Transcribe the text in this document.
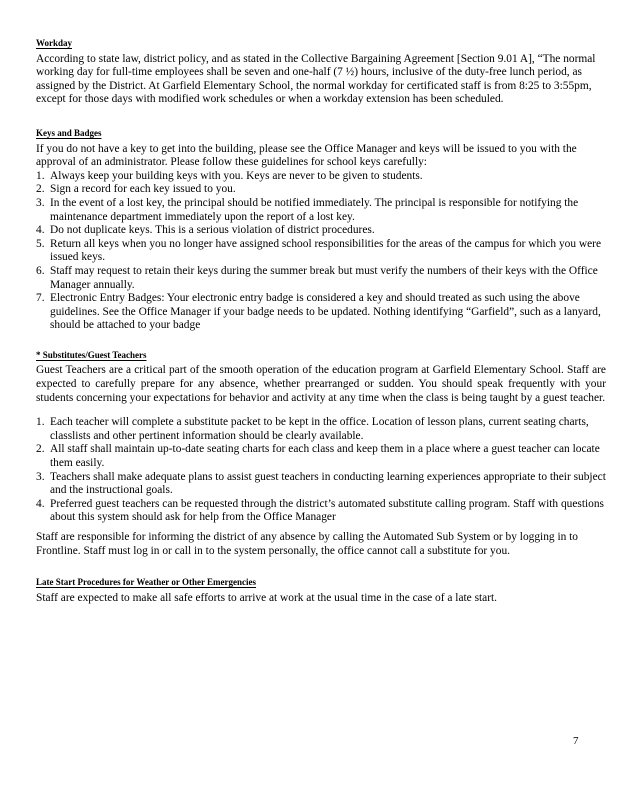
Workday

According to state law, district policy, and as stated in the Collective Bargaining Agreement [Section 9.01 A], “The normal working day for full-time employees shall be seven and one-half (7 ½) hours, inclusive of the duty-free lunch period, as assigned by the District. At Garfield Elementary School, the normal workday for certificated staff is from 8:25 to 3:55pm, except for those days with modified work schedules or when a workday extension has been scheduled.

Keys and Badges

If you do not have a key to get into the building, please see the Office Manager and keys will be issued to you with the approval of an administrator. Please follow these guidelines for school keys carefully:

1. Always keep your building keys with you. Keys are never to be given to students.
2. Sign a record for each key issued to you.
3. In the event of a lost key, the principal should be notified immediately. The principal is responsible for notifying the maintenance department immediately upon the report of a lost key.
4. Do not duplicate keys. This is a serious violation of district procedures.
5. Return all keys when you no longer have assigned school responsibilities for the areas of the campus for which you were issued keys.
6. Staff may request to retain their keys during the summer break but must verify the numbers of their keys with the Office Manager annually.
7. Electronic Entry Badges: Your electronic entry badge is considered a key and should treated as such using the above guidelines. See the Office Manager if your badge needs to be updated. Nothing identifying “Garfield”, such as a lanyard, should be attached to your badge
* Substitutes/Guest Teachers

Guest Teachers are a critical part of the smooth operation of the education program at Garfield Elementary School. Staff are expected to carefully prepare for any absence, whether prearranged or sudden. You should speak frequently with your students concerning your expectations for behavior and activity at any time when the class is being taught by a guest teacher.

1. Each teacher will complete a substitute packet to be kept in the office. Location of lesson plans, current seating charts, classlists and other pertinent information should be clearly available.
2. All staff shall maintain up-to-date seating charts for each class and keep them in a place where a guest teacher can locate them easily.
3. Teachers shall make adequate plans to assist guest teachers in conducting learning experiences appropriate to their subject and the instructional goals.
4. Preferred guest teachers can be requested through the district’s automated substitute calling program. Staff with questions about this system should ask for help from the Office Manager

Staff are responsible for informing the district of any absence by calling the Automated Sub System or by logging in to Frontline. Staff must log in or call in to the system personally, the office cannot call a substitute for you.

Late Start Procedures for Weather or Other Emergencies

Staff are expected to make all safe efforts to arrive at work at the usual time in the case of a late start.

7
